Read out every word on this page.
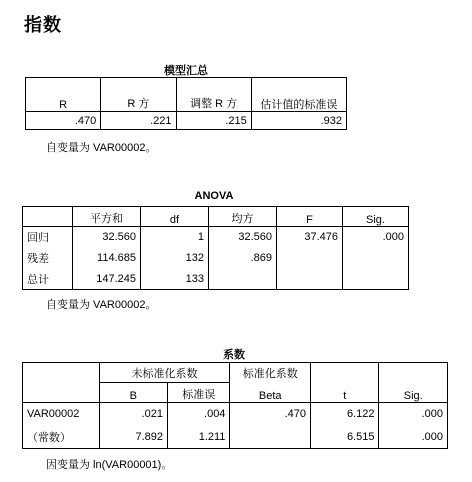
指数
模型汇总
R	R 方	调整 R 方	估计值的标准误
.470	.221	.215	.932
自变量为 VAR00002。
ANOVA
	平方和	df	均方	F	Sig.
回归	32.560	1	32.560	37.476	.000
残差	114.685	132	.869		
总计	147.245	133			
自变量为 VAR00002。
系数
	未标准化系数		标准化系数	t	Sig.
	B	标准误	Beta		
VAR00002	.021	.004	.470	6.122	.000
（常数）	7.892	1.211		6.515	.000
因变量为 ln(VAR00001)。
